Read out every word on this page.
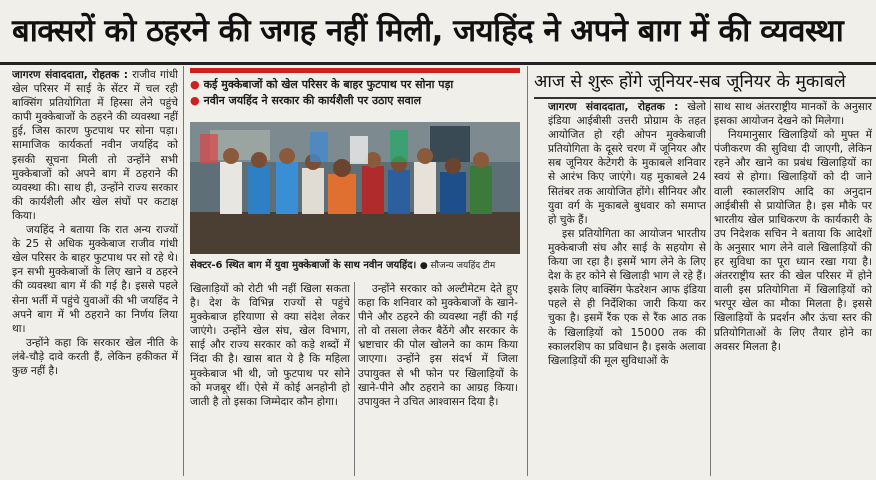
बाक्सरों को ठहरने की जगह नहीं मिली, जयहिंद ने अपने बाग में की व्यवस्था

जागरण संवाददाता, रोहतक : राजीव गांधी खेल परिसर में साई के सेंटर में चल रही बाक्सिंग प्रतियोगिता में हिस्सा लेने पहुंचे कापी मुक्केबाजों के ठहरने की व्यवस्था नहीं हुई, जिस कारण फुटपाथ पर सोना पड़ा। सामाजिक कार्यकर्ता नवीन जयहिंद को इसकी सूचना मिली तो उन्होंने सभी मुक्केबाजों को अपने बाग में ठहराने की व्यवस्था की। साथ ही, उन्होंने राज्य सरकार की कार्यशैली और खेल संघों पर कटाक्ष किया।

जयहिंद ने बताया कि रात अन्य राज्यों के 25 से अधिक मुक्केबाज राजीव गांधी खेल परिसर के बाहर फुटपाथ पर सो रहे थे। इन सभी मुक्केबाजों के लिए खाने व ठहरने की व्यवस्था बाग में की गई है। इससे पहले सेना भर्ती में पहुंचे युवाओं की भी जयहिंद ने अपने बाग में भी ठहराने का निर्णय लिया था।

उन्होंने कहा कि सरकार खेल नीति के लंबे-चौड़े दावे करती हैं, लेकिन हकीकत में कुछ नहीं है।

● कई मुक्केबाजों को खेल परिसर के बाहर फुटपाथ पर सोना पड़ा
● नवीन जयहिंद ने सरकार की कार्यशैली पर उठाए सवाल
सेक्टर-6 स्थित बाग में युवा मुक्केबाजों के साथ नवीन जयहिंद। ● सौजन्य जयहिंद टीम

खिलाड़ियों को रोटी भी नहीं खिला सकता है। देश के विभिन्न राज्यों से पहुंचे मुक्केबाज हरियाणा से क्या संदेश लेकर जाएंगे। उन्होंने खेल संघ, खेल विभाग, साई और राज्य सरकार को कड़े शब्दों में निंदा की है। खास बात ये है कि महिला मुक्केबाज भी थी, जो फुटपाथ पर सोने को मजबूर थीं। ऐसे में कोई अनहोनी हो जाती है तो इसका जिम्मेदार कौन होगा।

उन्होंने सरकार को अल्टीमेटम देते हुए कहा कि शनिवार को मुक्केबाजों के खाने-पीने और ठहरने की व्यवस्था नहीं की गई तो वो तसला लेकर बैठेंगे और सरकार के भ्रष्टाचार की पोल खोलने का काम किया जाएगा। उन्होंने इस संदर्भ में जिला उपायुक्त से भी फोन पर खिलाड़ियों के खाने-पीने और ठहराने का आग्रह किया। उपायुक्त ने उचित आश्वासन दिया है।

आज से शुरू होंगे जूनियर-सब जूनियर के मुकाबले

जागरण संवाददाता, रोहतक : खेलो इंडिया आईबीसी उत्तरी प्रोग्राम के तहत आयोजित हो रही ओपन मुक्केबाजी प्रतियोगिता के दूसरे चरण में जूनियर और सब जूनियर केटेगरी के मुकाबले शनिवार से आरंभ किए जाएंगे। यह मुकाबले 24 सितंबर तक आयोजित होंगे। सीनियर और युवा वर्ग के मुकाबले बुधवार को समाप्त हो चुके हैं।

इस प्रतियोगिता का आयोजन भारतीय मुक्केबाजी संघ और साई के सहयोग से किया जा रहा है। इसमें भाग लेने के लिए देश के हर कोने से खिलाड़ी भाग ले रहे हैं। इसके लिए बाक्सिंग फेडरेशन आफ इंडिया पहले से ही निर्देशिका जारी किया कर चुका है। इसमें रैंक एक से रैंक आठ तक के खिलाड़ियों को 15000 तक की स्कालरशिप का प्रविधान है। इसके अलावा खिलाड़ियों की मूल सुविधाओं के

साथ साथ अंतरराष्ट्रीय मानकों के अनुसार इसका आयोजन देखने को मिलेगा।

नियमानुसार खिलाड़ियों को मुफ्त में पंजीकरण की सुविधा दी जाएगी, लेकिन रहने और खाने का प्रबंध खिलाड़ियों का स्वयं से होगा। खिलाड़ियों को दी जाने वाली स्कालरशिप आदि का अनुदान आईबीसी से प्रायोजित है। इस मौके पर भारतीय खेल प्राधिकरण के कार्यकारी के उप निदेशक सचिन ने बताया कि आदेशों के अनुसार भाग लेने वाले खिलाड़ियों की हर सुविधा का पूरा ध्यान रखा गया है। अंतरराष्ट्रीय स्तर की खेल परिसर में होने वाली इस प्रतियोगिता में खिलाड़ियों को भरपूर खेल का मौका मिलता है। इससे खिलाड़ियों के प्रदर्शन और ऊंचा स्तर की प्रतियोगिताओं के लिए तैयार होने का अवसर मिलता है।
